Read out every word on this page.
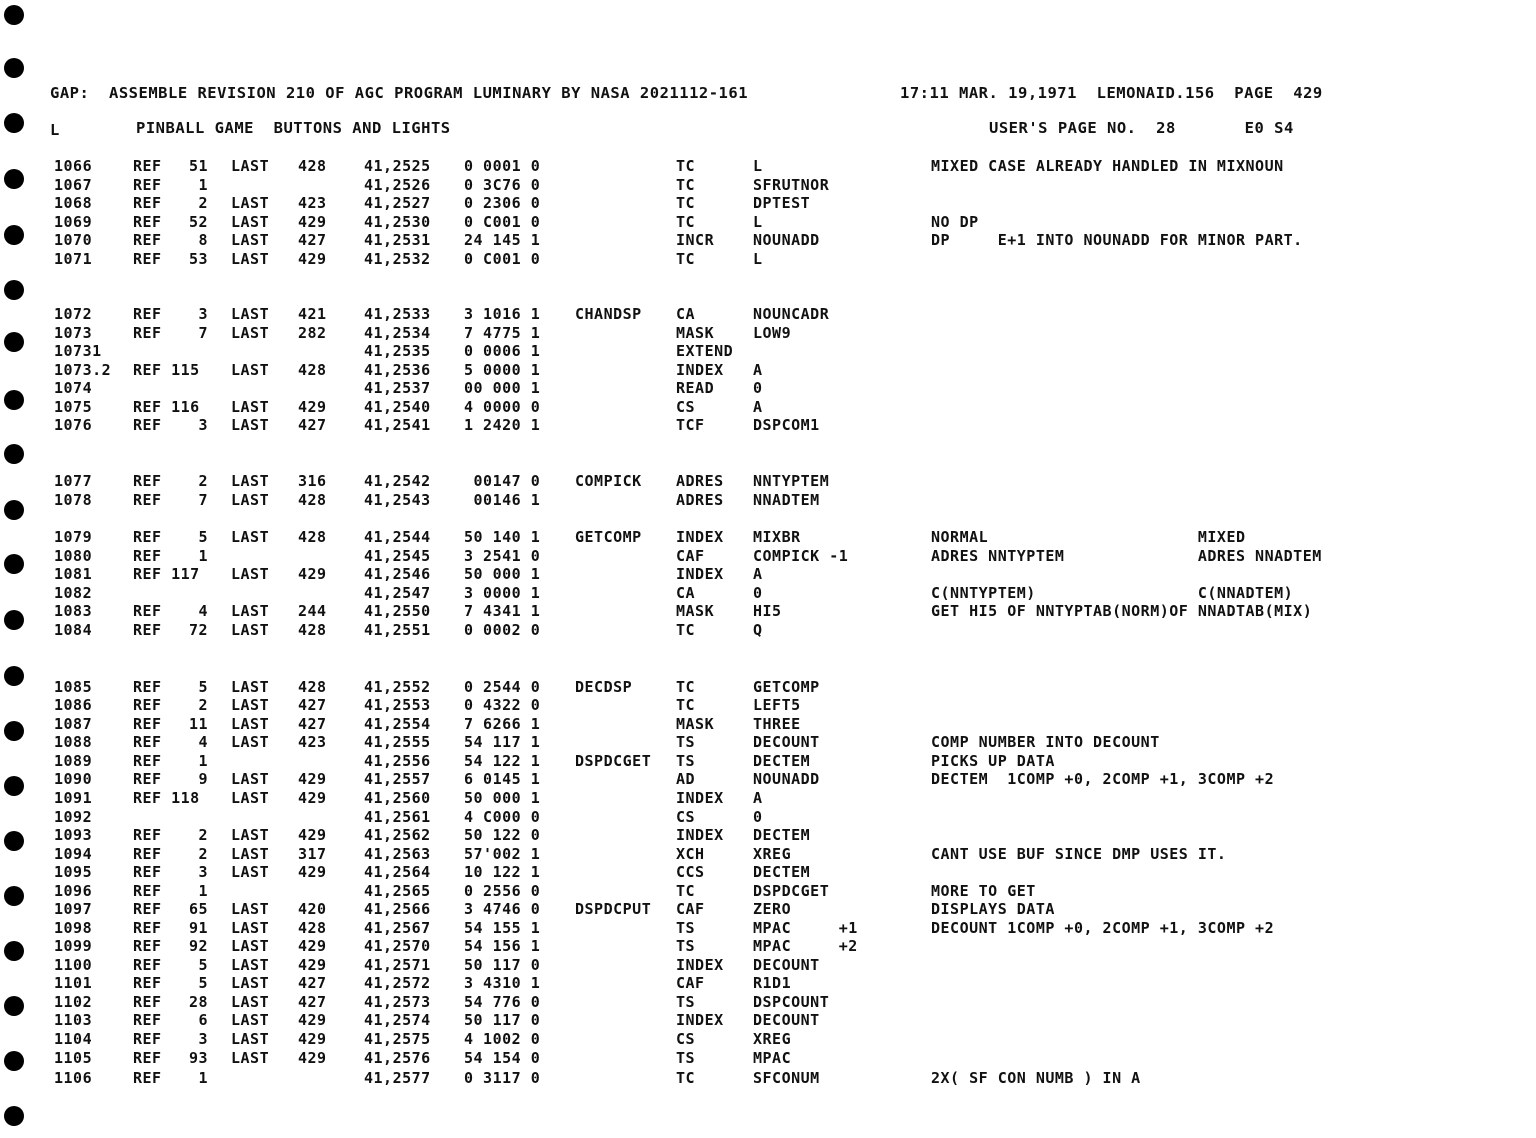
GAP:  ASSEMBLE REVISION 210 OF AGC PROGRAM LUMINARY BY NASA 2021112-161	17:11 MAR. 19,1971  LEMONAID.156  PAGE  429
L	PINBALL GAME  BUTTONS AND LIGHTS	USER'S PAGE NO.  28       E0 S4
1066	REF	51 LAST 428 41,2525 0 0001 0	TC	L	MIXED CASE ALREADY HANDLED IN MIXNOUN
1067	REF	1	41,2526 0 3C76 0	TC	SFRUTNOR
1068	REF	2 LAST 423 41,2527 0 2306 0	TC	DPTEST
1069	REF	52 LAST 429 41,2530 0 C001 0	TC	L	NO DP
1070	REF	8 LAST 427 41,2531 24 145 1	INCR	NOUNADD	DP     E+1 INTO NOUNADD FOR MINOR PART.
1071	REF	53 LAST 429 41,2532 0 C001 0	TC	L
1072	REF	3 LAST 421 41,2533 3 1016 1 CHANDSP CA	NOUNCADR
1073	REF	7 LAST 282 41,2534 7 4775 1	MASK	LOW9
10731	41,2535 0 0006 1	EXTEND
1073.2 REF 115 LAST 428 41,2536 5 0000 1	INDEX A
1074	41,2537 00 000 1	READ	0
1075	REF 116 LAST 429 41,2540 4 0000 0	CS	A
1076	REF	3 LAST 427 41,2541 1 2420 1	TCF	DSPCOM1
1077	REF	2 LAST 316 41,2542 00147 0 COMPICK ADRES NNTYPTEM
1078	REF	7 LAST 428 41,2543 00146 1	ADRES NNADTEM
1079	REF	5 LAST 428 41,2544 50 140 1 GETCOMP INDEX MIXBR	NORMAL                      MIXED
1080	REF	1	41,2545 3 2541 0	CAF	COMPICK -1	ADRES NNTYPTEM              ADRES NNADTEM
1081	REF 117 LAST 429 41,2546 50 000 1	INDEX A
1082	41,2547 3 0000 1	CA	0	C(NNTYPTEM)                 C(NNADTEM)
1083	REF	4 LAST 244 41,2550 7 4341 1	MASK	HI5	GET HI5 OF NNTYPTAB(NORM)OF NNADTAB(MIX)
1084	REF	72 LAST 428 41,2551 0 0002 0	TC	Q
1085	REF	5 LAST 428 41,2552 0 2544 0 DECDSP	TC	GETCOMP
1086	REF	2 LAST 427 41,2553 0 4322 0	TC	LEFT5
1087	REF	11 LAST 427 41,2554 7 6266 1	MASK	THREE
1088	REF	4 LAST 423 41,2555 54 117 1	TS	DECOUNT	COMP NUMBER INTO DECOUNT
1089	REF	1	41,2556 54 122 1 DSPDCGET TS	DECTEM	PICKS UP DATA
1090	REF	9 LAST 429 41,2557 6 0145 1	AD	NOUNADD	DECTEM  1COMP +0, 2COMP +1, 3COMP +2
1091	REF 118 LAST 429 41,2560 50 000 1	INDEX A
1092	41,2561 4 C000 0	CS	0
1093	REF	2 LAST 429 41,2562 50 122 0	INDEX DECTEM
1094	REF	2 LAST 317 41,2563 57'002 1	XCH	XREG	CANT USE BUF SINCE DMP USES IT.
1095	REF	3 LAST 429 41,2564 10 122 1	CCS	DECTEM
1096	REF	1	41,2565 0 2556 0	TC	DSPDCGET	MORE TO GET
1097	REF	65 LAST 420 41,2566 3 4746 0 DSPDCPUT CAF	ZERO	DISPLAYS DATA
1098	REF	91 LAST 428 41,2567 54 155 1	TS	MPAC     +1	DECOUNT 1COMP +0, 2COMP +1, 3COMP +2
1099	REF	92 LAST 429 41,2570 54 156 1	TS	MPAC     +2
1100	REF	5 LAST 429 41,2571 50 117 0	INDEX DECOUNT
1101	REF	5 LAST 427 41,2572 3 4310 1	CAF	R1D1
1102	REF	28 LAST 427 41,2573 54 776 0	TS	DSPCOUNT
1103	REF	6 LAST 429 41,2574 50 117 0	INDEX DECOUNT
1104	REF	3 LAST 429 41,2575 4 1002 0	CS	XREG
1105	REF	93 LAST 429 41,2576 54 154 0	TS	MPAC
1106	REF	1	41,2577 0 3117 0	TC	SFCONUM	2X( SF CON NUMB ) IN A
